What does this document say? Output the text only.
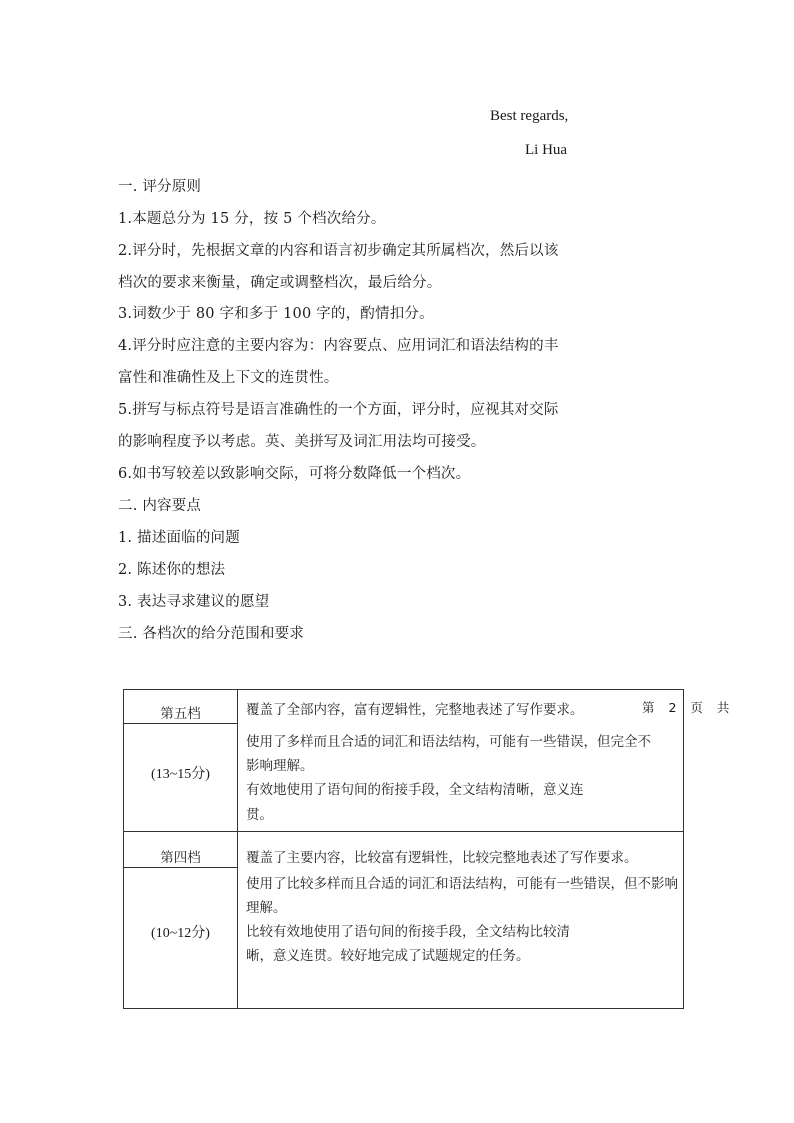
Best regards,
Li Hua
一. 评分原则
1.本题总分为 15 分，按 5 个档次给分。
2.评分时，先根据文章的内容和语言初步确定其所属档次，然后以该
档次的要求来衡量，确定或调整档次，最后给分。
3.词数少于 80 字和多于 100 字的，酌情扣分。
4.评分时应注意的主要内容为：内容要点、应用词汇和语法结构的丰
富性和准确性及上下文的连贯性。
5.拼写与标点符号是语言准确性的一个方面，评分时，应视其对交际
的影响程度予以考虑。英、美拼写及词汇用法均可接受。
6.如书写较差以致影响交际，可将分数降低一个档次。
二. 内容要点
1. 描述面临的问题
2. 陈述你的想法
3. 表达寻求建议的愿望
三. 各档次的给分范围和要求
第五档
(13~15分)
覆盖了全部内容，富有逻辑性，完整地表述了写作要求。
使用了多样而且合适的词汇和语法结构，可能有一些错误，但完全不
影响理解。
有效地使用了语句间的衔接手段，全文结构清晰，意义连
贯。
第四档
(10~12分)
覆盖了主要内容，比较富有逻辑性，比较完整地表述了写作要求。
使用了比较多样而且合适的词汇和语法结构，可能有一些错误，但不影响
理解。
比较有效地使用了语句间的衔接手段，全文结构比较清
晰，意义连贯。较好地完成了试题规定的任务。
第 2 页 共
